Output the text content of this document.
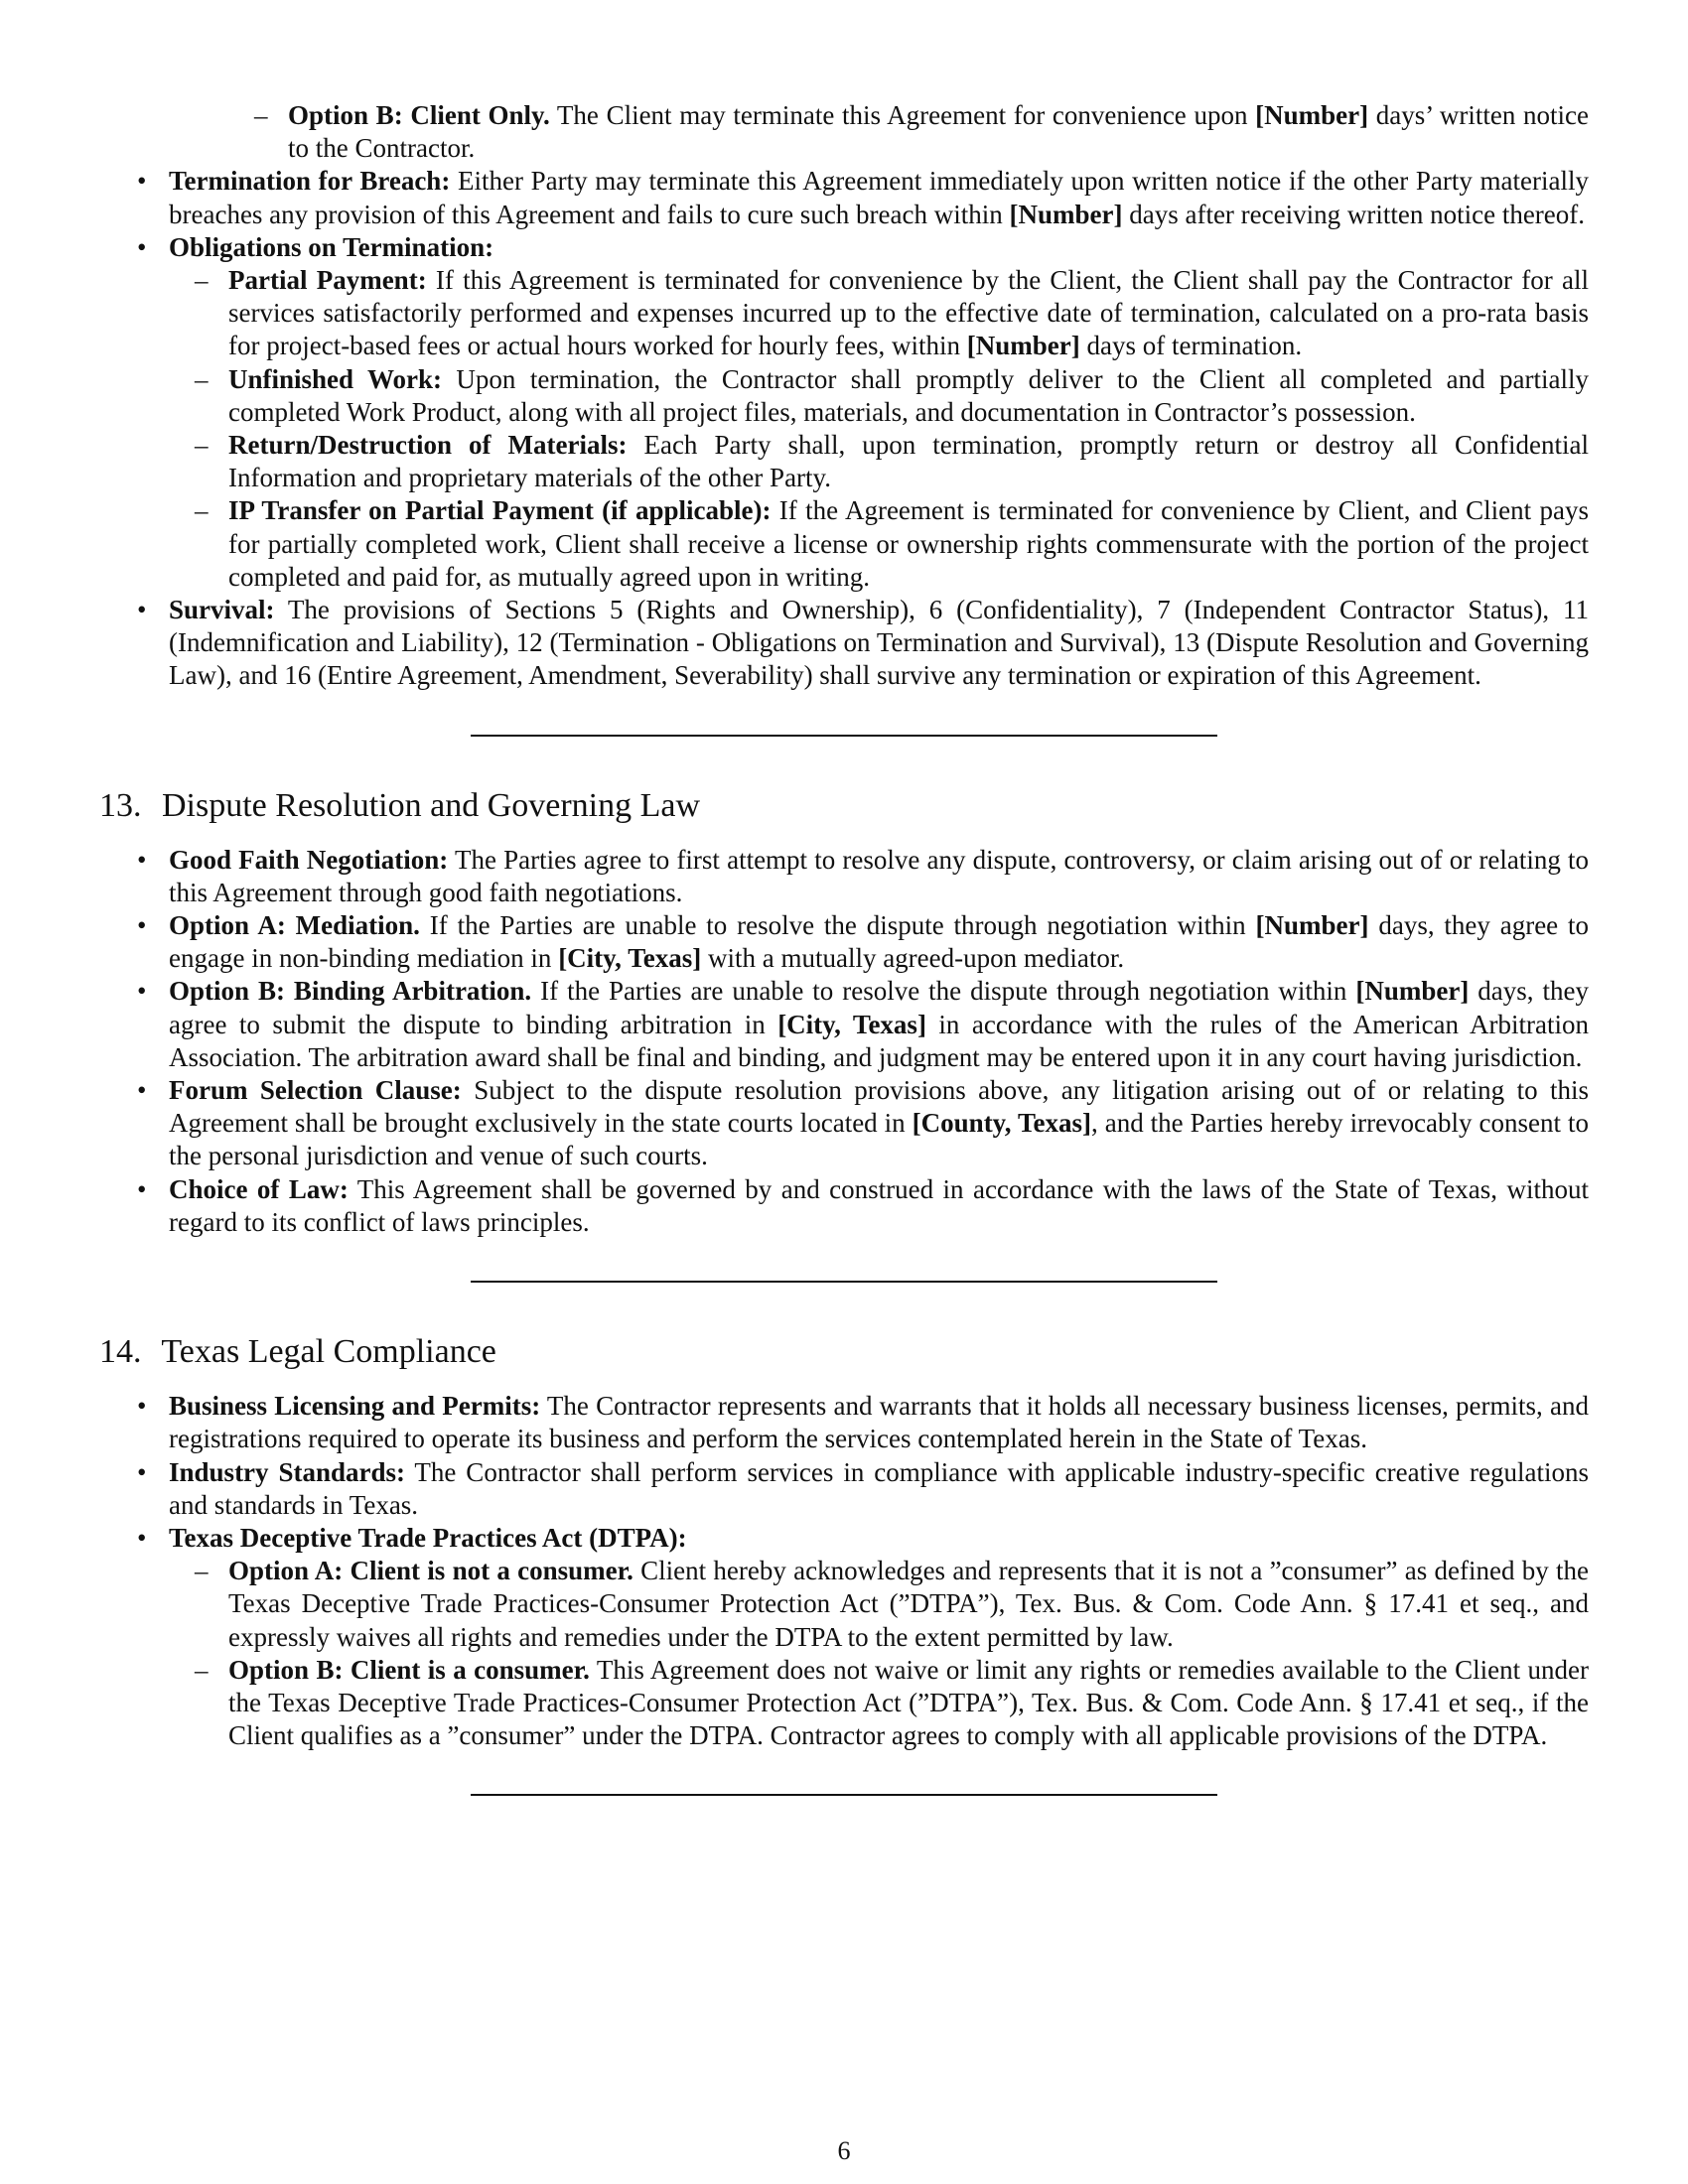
– Option B: Client Only. The Client may terminate this Agreement for convenience upon [Number] days’ written notice to the Contractor.
• Termination for Breach: Either Party may terminate this Agreement immediately upon written notice if the other Party materially breaches any provision of this Agreement and fails to cure such breach within [Number] days after receiving written notice thereof.
• Obligations on Termination:
– Partial Payment: If this Agreement is terminated for convenience by the Client, the Client shall pay the Contractor for all services satisfactorily performed and expenses incurred up to the effective date of termination, calculated on a pro-rata basis for project-based fees or actual hours worked for hourly fees, within [Number] days of termination.
– Unfinished Work: Upon termination, the Contractor shall promptly deliver to the Client all completed and partially completed Work Product, along with all project files, materials, and documentation in Contractor’s possession.
– Return/Destruction of Materials: Each Party shall, upon termination, promptly return or destroy all Confidential Information and proprietary materials of the other Party.
– IP Transfer on Partial Payment (if applicable): If the Agreement is terminated for convenience by Client, and Client pays for partially completed work, Client shall receive a license or ownership rights commensurate with the portion of the project completed and paid for, as mutually agreed upon in writing.
• Survival: The provisions of Sections 5 (Rights and Ownership), 6 (Confidentiality), 7 (Independent Contractor Status), 11 (Indemnification and Liability), 12 (Termination - Obligations on Termination and Survival), 13 (Dispute Resolution and Governing Law), and 16 (Entire Agreement, Amendment, Severability) shall survive any termination or expiration of this Agreement.
13. Dispute Resolution and Governing Law
• Good Faith Negotiation: The Parties agree to first attempt to resolve any dispute, controversy, or claim arising out of or relating to this Agreement through good faith negotiations.
• Option A: Mediation. If the Parties are unable to resolve the dispute through negotiation within [Number] days, they agree to engage in non-binding mediation in [City, Texas] with a mutually agreed-upon mediator.
• Option B: Binding Arbitration. If the Parties are unable to resolve the dispute through negotiation within [Number] days, they agree to submit the dispute to binding arbitration in [City, Texas] in accordance with the rules of the American Arbitration Association. The arbitration award shall be final and binding, and judgment may be entered upon it in any court having jurisdiction.
• Forum Selection Clause: Subject to the dispute resolution provisions above, any litigation arising out of or relating to this Agreement shall be brought exclusively in the state courts located in [County, Texas], and the Parties hereby irrevocably consent to the personal jurisdiction and venue of such courts.
• Choice of Law: This Agreement shall be governed by and construed in accordance with the laws of the State of Texas, without regard to its conflict of laws principles.
14. Texas Legal Compliance
• Business Licensing and Permits: The Contractor represents and warrants that it holds all necessary business licenses, permits, and registrations required to operate its business and perform the services contemplated herein in the State of Texas.
• Industry Standards: The Contractor shall perform services in compliance with applicable industry-specific creative regulations and standards in Texas.
• Texas Deceptive Trade Practices Act (DTPA):
– Option A: Client is not a consumer. Client hereby acknowledges and represents that it is not a ”consumer” as defined by the Texas Deceptive Trade Practices-Consumer Protection Act (”DTPA”), Tex. Bus. & Com. Code Ann. § 17.41 et seq., and expressly waives all rights and remedies under the DTPA to the extent permitted by law.
– Option B: Client is a consumer. This Agreement does not waive or limit any rights or remedies available to the Client under the Texas Deceptive Trade Practices-Consumer Protection Act (”DTPA”), Tex. Bus. & Com. Code Ann. § 17.41 et seq., if the Client qualifies as a ”consumer” under the DTPA. Contractor agrees to comply with all applicable provisions of the DTPA.
6
